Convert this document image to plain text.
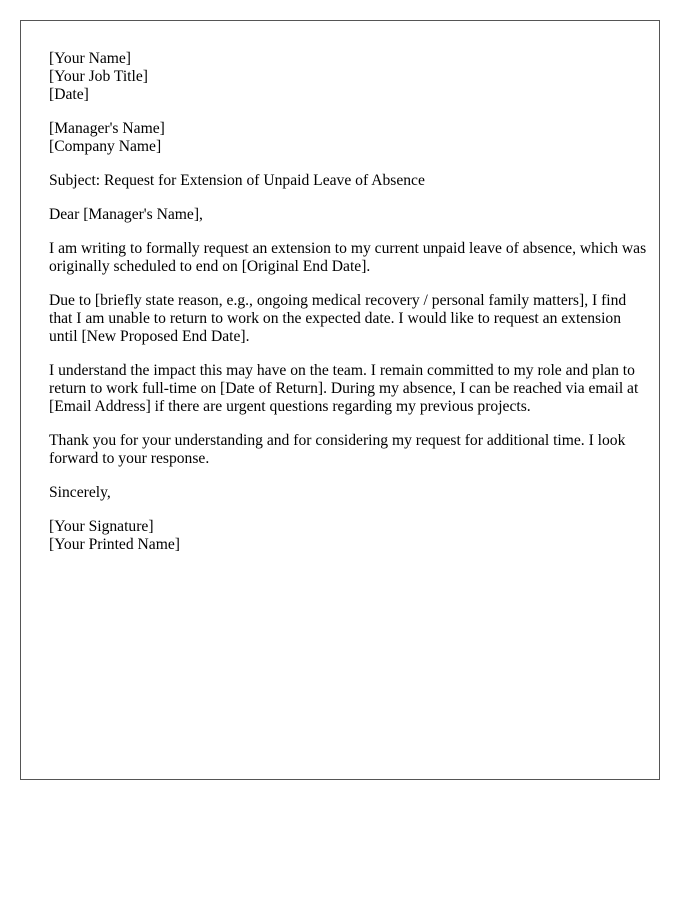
[Your Name]
[Your Job Title]
[Date]
[Manager's Name]
[Company Name]
Subject: Request for Extension of Unpaid Leave of Absence
Dear [Manager's Name],

I am writing to formally request an extension to my current unpaid leave of absence, which was originally scheduled to end on [Original End Date].

Due to [briefly state reason, e.g., ongoing medical recovery / personal family matters], I find that I am unable to return to work on the expected date. I would like to request an extension until [New Proposed End Date].

I understand the impact this may have on the team. I remain committed to my role and plan to return to work full-time on [Date of Return]. During my absence, I can be reached via email at [Email Address] if there are urgent questions regarding my previous projects.

Thank you for your understanding and for considering my request for additional time. I look forward to your response.

Sincerely,
[Your Signature]
[Your Printed Name]
